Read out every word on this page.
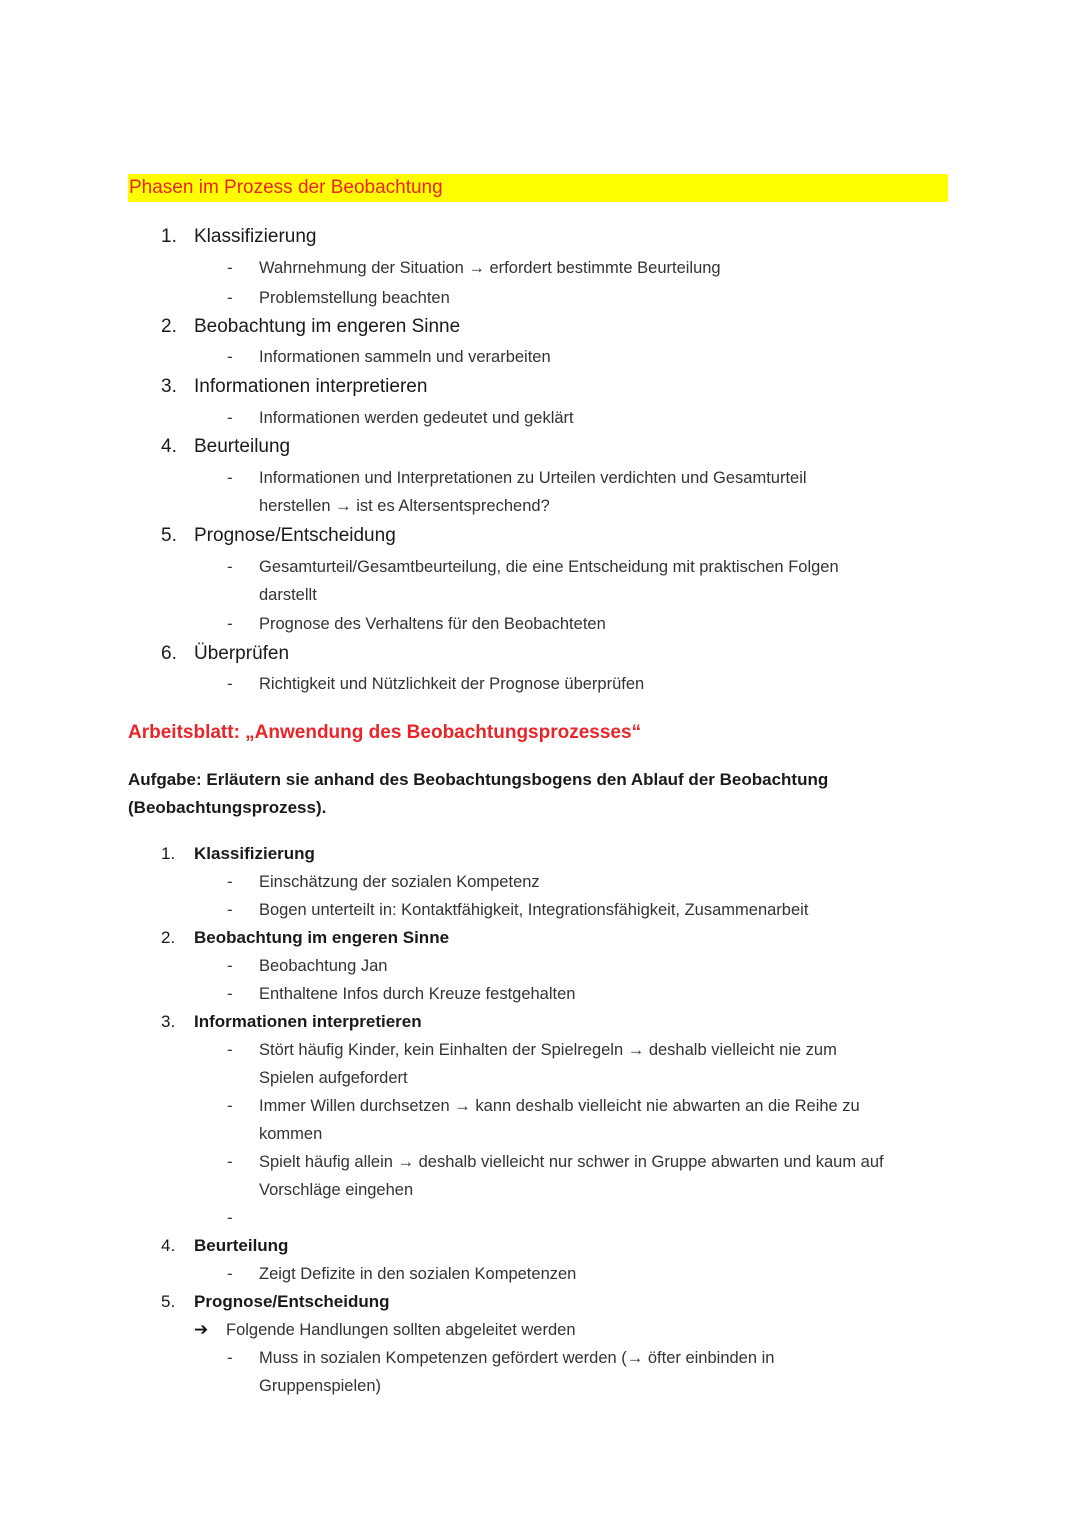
Phasen im Prozess der Beobachtung
1. Klassifizierung
- Wahrnehmung der Situation → erfordert bestimmte Beurteilung
- Problemstellung beachten
2. Beobachtung im engeren Sinne
- Informationen sammeln und verarbeiten
3. Informationen interpretieren
- Informationen werden gedeutet und geklärt
4. Beurteilung
- Informationen und Interpretationen zu Urteilen verdichten und Gesamturteil
herstellen → ist es Altersentsprechend?
5. Prognose/Entscheidung
- Gesamturteil/Gesamtbeurteilung, die eine Entscheidung mit praktischen Folgen
darstellt
- Prognose des Verhaltens für den Beobachteten
6. Überprüfen
- Richtigkeit und Nützlichkeit der Prognose überprüfen
Arbeitsblatt: „Anwendung des Beobachtungsprozesses“
Aufgabe: Erläutern sie anhand des Beobachtungsbogens den Ablauf der Beobachtung
(Beobachtungsprozess).
1. Klassifizierung
- Einschätzung der sozialen Kompetenz
- Bogen unterteilt in: Kontaktfähigkeit, Integrationsfähigkeit, Zusammenarbeit
2. Beobachtung im engeren Sinne
- Beobachtung Jan
- Enthaltene Infos durch Kreuze festgehalten
3. Informationen interpretieren
- Stört häufig Kinder, kein Einhalten der Spielregeln → deshalb vielleicht nie zum
Spielen aufgefordert
- Immer Willen durchsetzen → kann deshalb vielleicht nie abwarten an die Reihe zu
kommen
- Spielt häufig allein → deshalb vielleicht nur schwer in Gruppe abwarten und kaum auf
Vorschläge eingehen
-
4. Beurteilung
- Zeigt Defizite in den sozialen Kompetenzen
5. Prognose/Entscheidung
➔ Folgende Handlungen sollten abgeleitet werden
- Muss in sozialen Kompetenzen gefördert werden (→ öfter einbinden in
Gruppenspielen)
